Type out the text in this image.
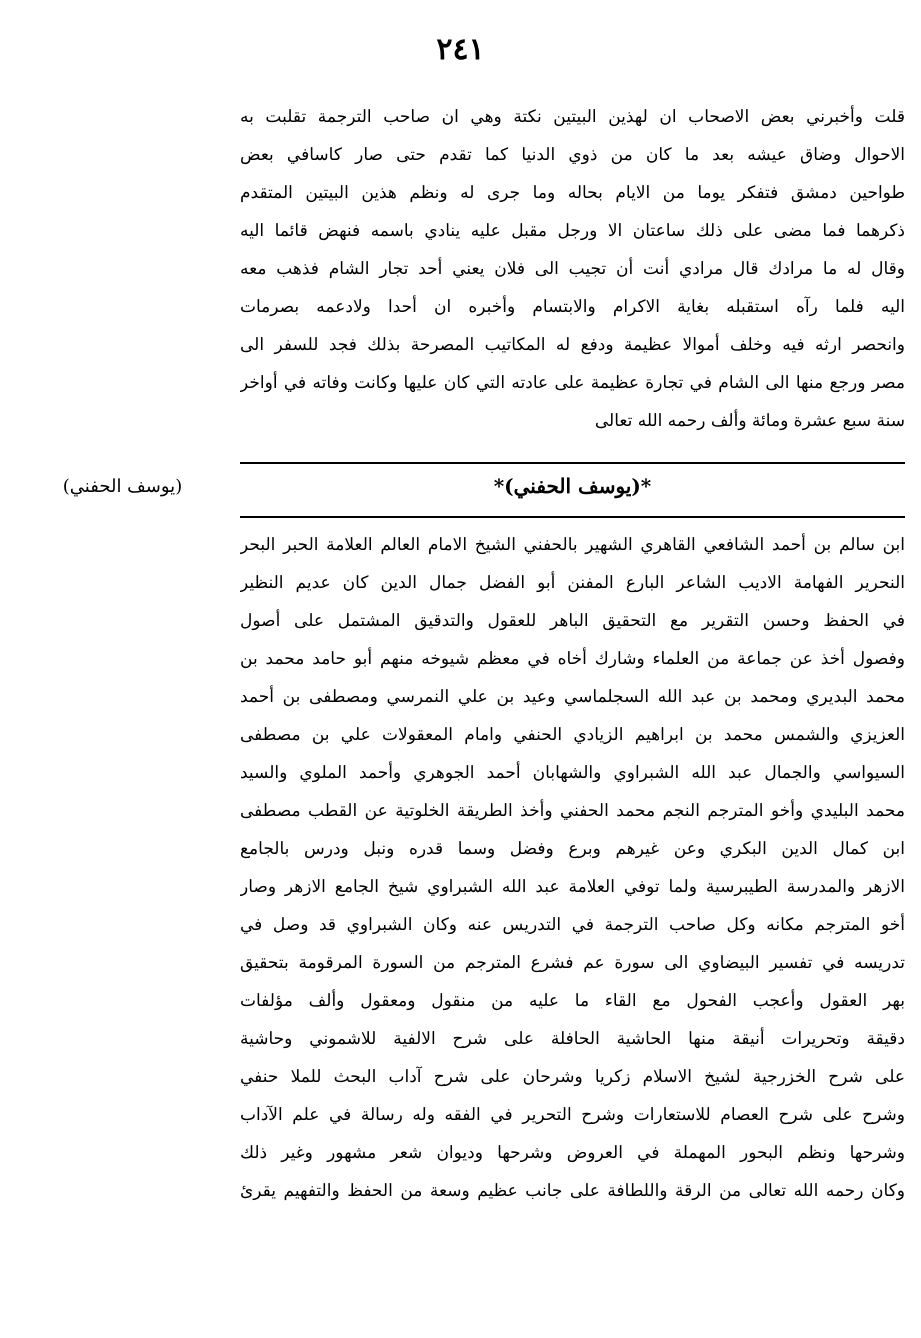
٢٤١
قلت وأخبرني بعض الاصحاب ان لهذين البيتين نكتة وهي ان صاحب الترجمة تقلبت به
الاحوال وضاق عيشه بعد ما كان من ذوي الدنيا كما تقدم حتى صار كاسافي بعض
طواحين دمشق فتفكر يوما من الايام بحاله وما جرى له ونظم هذين البيتين المتقدم
ذكرهما فما مضى على ذلك ساعتان الا ورجل مقبل عليه ينادي باسمه فنهض قائما اليه
وقال له ما مرادك قال مرادي أنت أن تجيب الى فلان يعني أحد تجار الشام فذهب معه
اليه فلما رآه استقبله بغاية الاكرام والابتسام وأخبره ان أحدا ولادعمه بصرمات
وانحصر ارثه فيه وخلف أموالا عظيمة ودفع له المكاتيب المصرحة بذلك فجد للسفر الى
مصر ورجع منها الى الشام في تجارة عظيمة على عادته التي كان عليها وكانت وفاته في أواخر
سنة سبع عشرة ومائة وألف رحمه الله تعالى
*(يوسف الحفني)*
(يوسف الحفني)
ابن سالم بن أحمد الشافعي القاهري الشهير بالحفني الشيخ الامام العالم العلامة الحبر البحر
النحرير الفهامة الاديب الشاعر البارع المفنن أبو الفضل جمال الدين كان عديم النظير
في الحفظ وحسن التقرير مع التحقيق الباهر للعقول والتدقيق المشتمل على أصول
وفصول أخذ عن جماعة من العلماء وشارك أخاه في معظم شيوخه منهم أبو حامد محمد بن
محمد البديري ومحمد بن عبد الله السجلماسي وعيد بن علي النمرسي ومصطفى بن أحمد
العزيزي والشمس محمد بن ابراهيم الزيادي الحنفي وامام المعقولات علي بن مصطفى
السيواسي والجمال عبد الله الشبراوي والشهابان أحمد الجوهري وأحمد الملوي والسيد
محمد البليدي وأخو المترجم النجم محمد الحفني وأخذ الطريقة الخلوتية عن القطب مصطفى
ابن كمال الدين البكري وعن غيرهم وبرع وفضل وسما قدره ونبل ودرس بالجامع
الازهر والمدرسة الطيبرسية ولما توفي العلامة عبد الله الشبراوي شيخ الجامع الازهر وصار
أخو المترجم مكانه وكل صاحب الترجمة في التدريس عنه وكان الشبراوي قد وصل في
تدريسه في تفسير البيضاوي الى سورة عم فشرع المترجم من السورة المرقومة بتحقيق
بهر العقول وأعجب الفحول مع القاء ما عليه من منقول ومعقول وألف مؤلفات
دقيقة وتحريرات أنيقة منها الحاشية الحافلة على شرح الالفية للاشموني وحاشية
على شرح الخزرجية لشيخ الاسلام زكريا وشرحان على شرح آداب البحث للملا حنفي
وشرح على شرح العصام للاستعارات وشرح التحرير في الفقه وله رسالة في علم الآداب
وشرحها ونظم البحور المهملة في العروض وشرحها وديوان شعر مشهور وغير ذلك
وكان رحمه الله تعالى من الرقة واللطافة على جانب عظيم وسعة من الحفظ والتفهيم يقرئ
